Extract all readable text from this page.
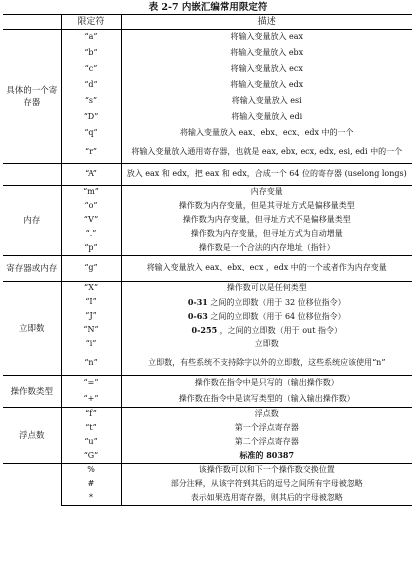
表 2-7 内嵌汇编常用限定符
	限定符	描述
具体的一个寄存器	“a”	将输入变量放入 eax
	“b”	将输入变量放入 ebx
	“c”	将输入变量放入 ecx
	“d”	将输入变量放入 edx
	“s”	将输入变量放入 esi
	“D”	将输入变量放入 edi
	“q”	将输入变量放入 eax、ebx、ecx、edx 中的一个
	“r”	将输入变量放入通用寄存器，也就是 eax, ebx, ecx, edx, esi, edi 中的一个
	“A”	放入 eax 和 edx，把 eax 和 edx，合成一个 64 位的寄存器 (uselong longs)
内存	“m”	内存变量
	“o”	操作数为内存变量，但是其寻址方式是偏移量类型
	“V”	操作数为内存变量，但寻址方式不是偏移量类型
	“.”	操作数为内存变量，但寻址方式为自动增量
	“p”	操作数是一个合法的内存地址（指针）
寄存器或内存	“g”	将输入变量放入 eax、ebx、ecx ，edx 中的一个或者作为内存变量
立即数	“X”	操作数可以是任何类型
	“I”	0-31 之间的立即数（用于 32 位移位指令）
	“J”	0-63 之间的立即数（用于 64 位移位指令）
	“N”	0-255 ，之间的立即数（用于 out 指令）
	“i”	立即数
	“n”	立即数，有些系统不支持除字以外的立即数，这些系统应该使用“n”
操作数类型	“=”	操作数在指令中是只写的（输出操作数）
	“+”	操作数在指令中是读写类型的（输入输出操作数）
浮点数	“f”	浮点数
	“t”	第一个浮点寄存器
	“u”	第二个浮点寄存器
	“G”	标准的 80387
	%	该操作数可以和下一个操作数交换位置
	#	部分注释，从该字符到其后的逗号之间所有字母被忽略
	*	表示如果选用寄存器，则其后的字母被忽略
